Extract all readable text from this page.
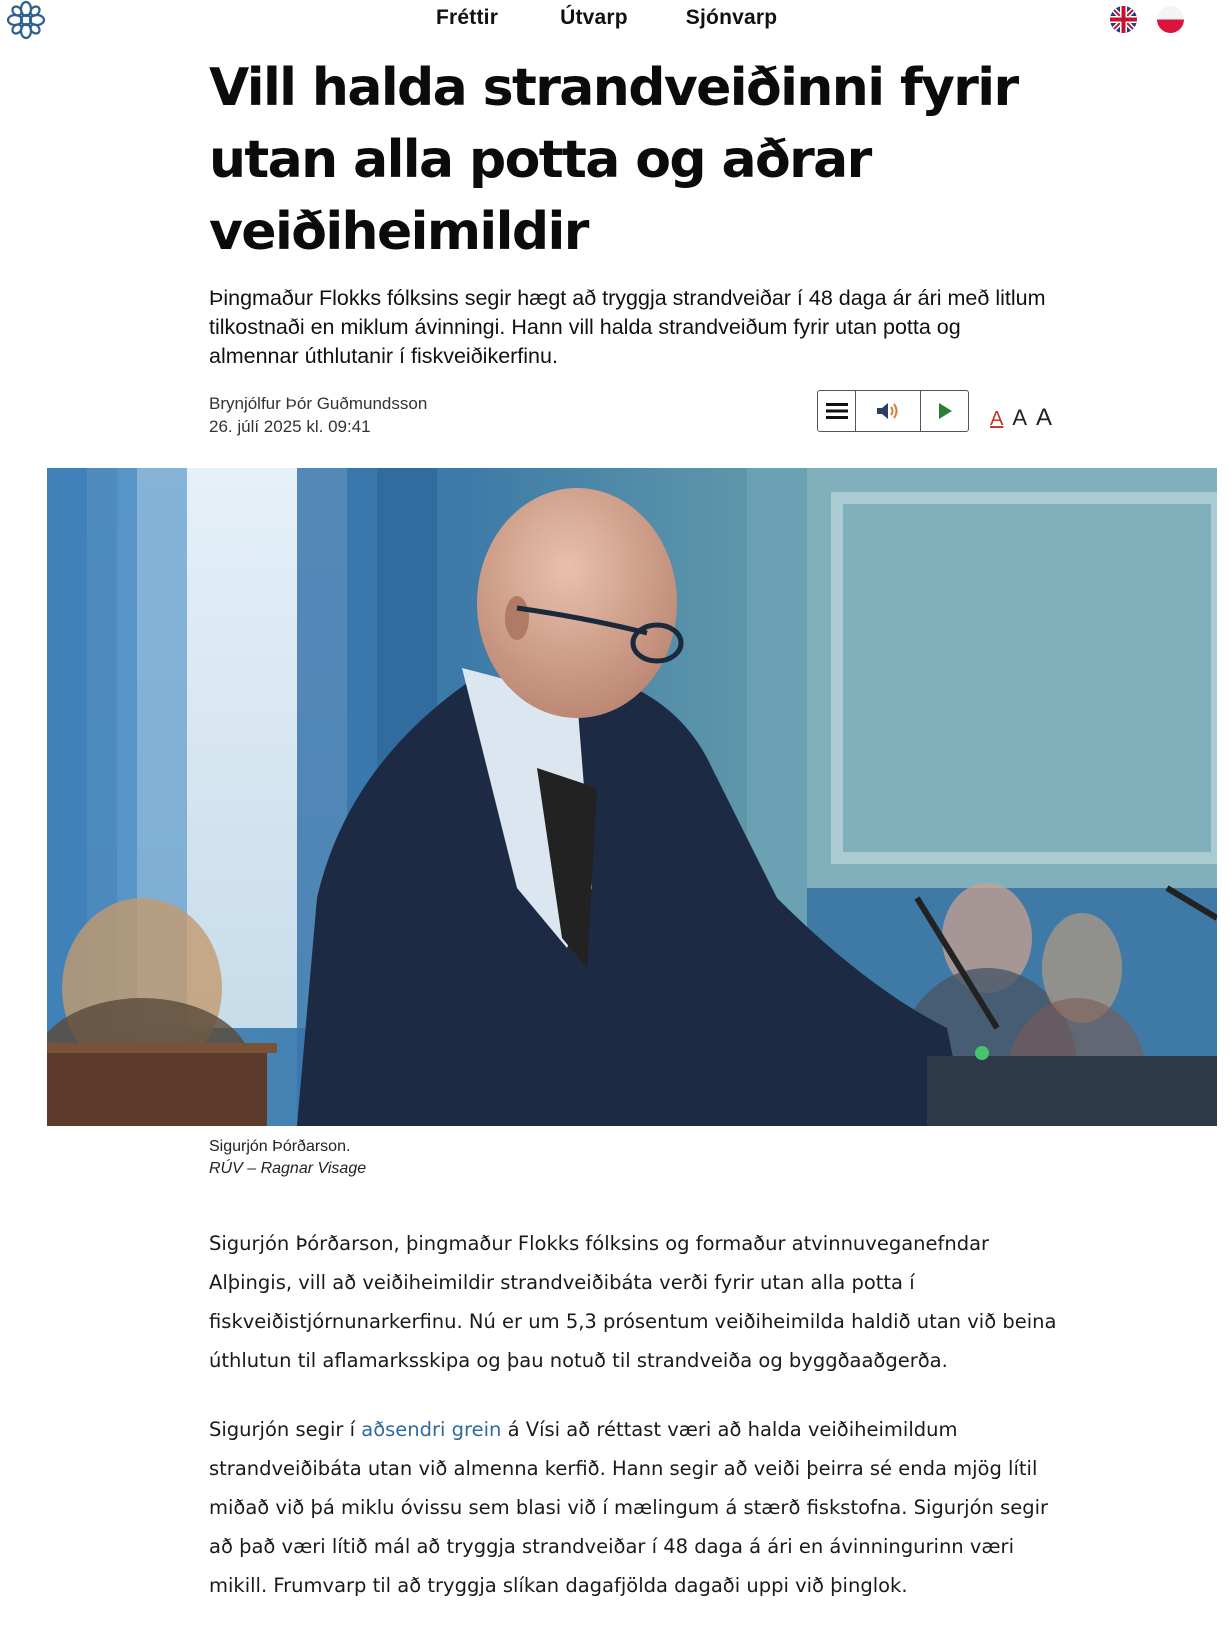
Fréttir	Útvarp	Sjónvarp
Vill halda strandveiðinni fyrir utan alla potta og aðrar veiðiheimildir

Þingmaður Flokks fólksins segir hægt að tryggja strandveiðar í 48 daga ár ári með litlum tilkostnaði en miklum ávinningi. Hann vill halda strandveiðum fyrir utan potta og almennar úthlutanir í fiskveiðikerfinu.

Brynjólfur Þór Guðmundsson
26. júlí 2025 kl. 09:41	A A A
Sigurjón Þórðarson.
RÚV – Ragnar Visage

Sigurjón Þórðarson, þingmaður Flokks fólksins og formaður atvinnuveganefndar Alþingis, vill að veiðiheimildir strandveiðibáta verði fyrir utan alla potta í fiskveiðistjórnunarkerfinu. Nú er um 5,3 prósentum veiðiheimilda haldið utan við beina úthlutun til aflamarksskipa og þau notuð til strandveiða og byggðaaðgerða.

Sigurjón segir í aðsendri grein á Vísi að réttast væri að halda veiðiheimildum strandveiðibáta utan við almenna kerfið. Hann segir að veiði þeirra sé enda mjög lítil miðað við þá miklu óvissu sem blasi við í mælingum á stærð fiskstofna. Sigurjón segir að það væri lítið mál að tryggja strandveiðar í 48 daga á ári en ávinningurinn væri mikill. Frumvarp til að tryggja slíkan dagafjölda dagaði uppi við þinglok.
